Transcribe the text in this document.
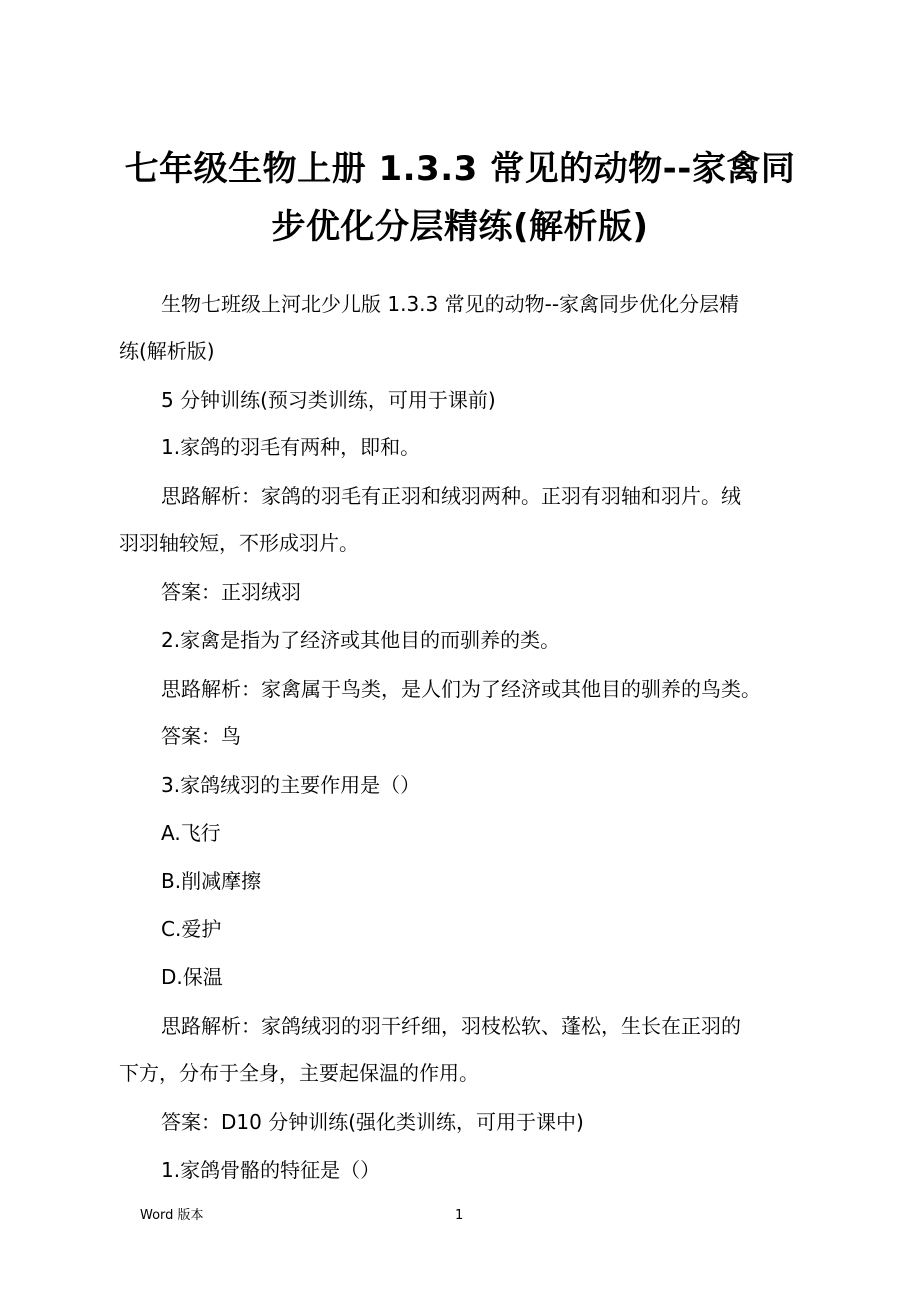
七年级生物上册 1.3.3 常见的动物--家禽同
步优化分层精练(解析版)

生物七班级上河北少儿版 1.3.3 常见的动物--家禽同步优化分层精
练(解析版)

5 分钟训练(预习类训练，可用于课前)

1.家鸽的羽毛有两种，即和。

思路解析：家鸽的羽毛有正羽和绒羽两种。正羽有羽轴和羽片。绒
羽羽轴较短，不形成羽片。

答案：正羽绒羽

2.家禽是指为了经济或其他目的而驯养的类。

思路解析：家禽属于鸟类，是人们为了经济或其他目的驯养的鸟类。

答案：鸟

3.家鸽绒羽的主要作用是（）

A.飞行

B.削减摩擦

C.爱护

D.保温

思路解析：家鸽绒羽的羽干纤细，羽枝松软、蓬松，生长在正羽的
下方，分布于全身，主要起保温的作用。

答案：D10 分钟训练(强化类训练，可用于课中)

1.家鸽骨骼的特征是（）

Word 版本	1
